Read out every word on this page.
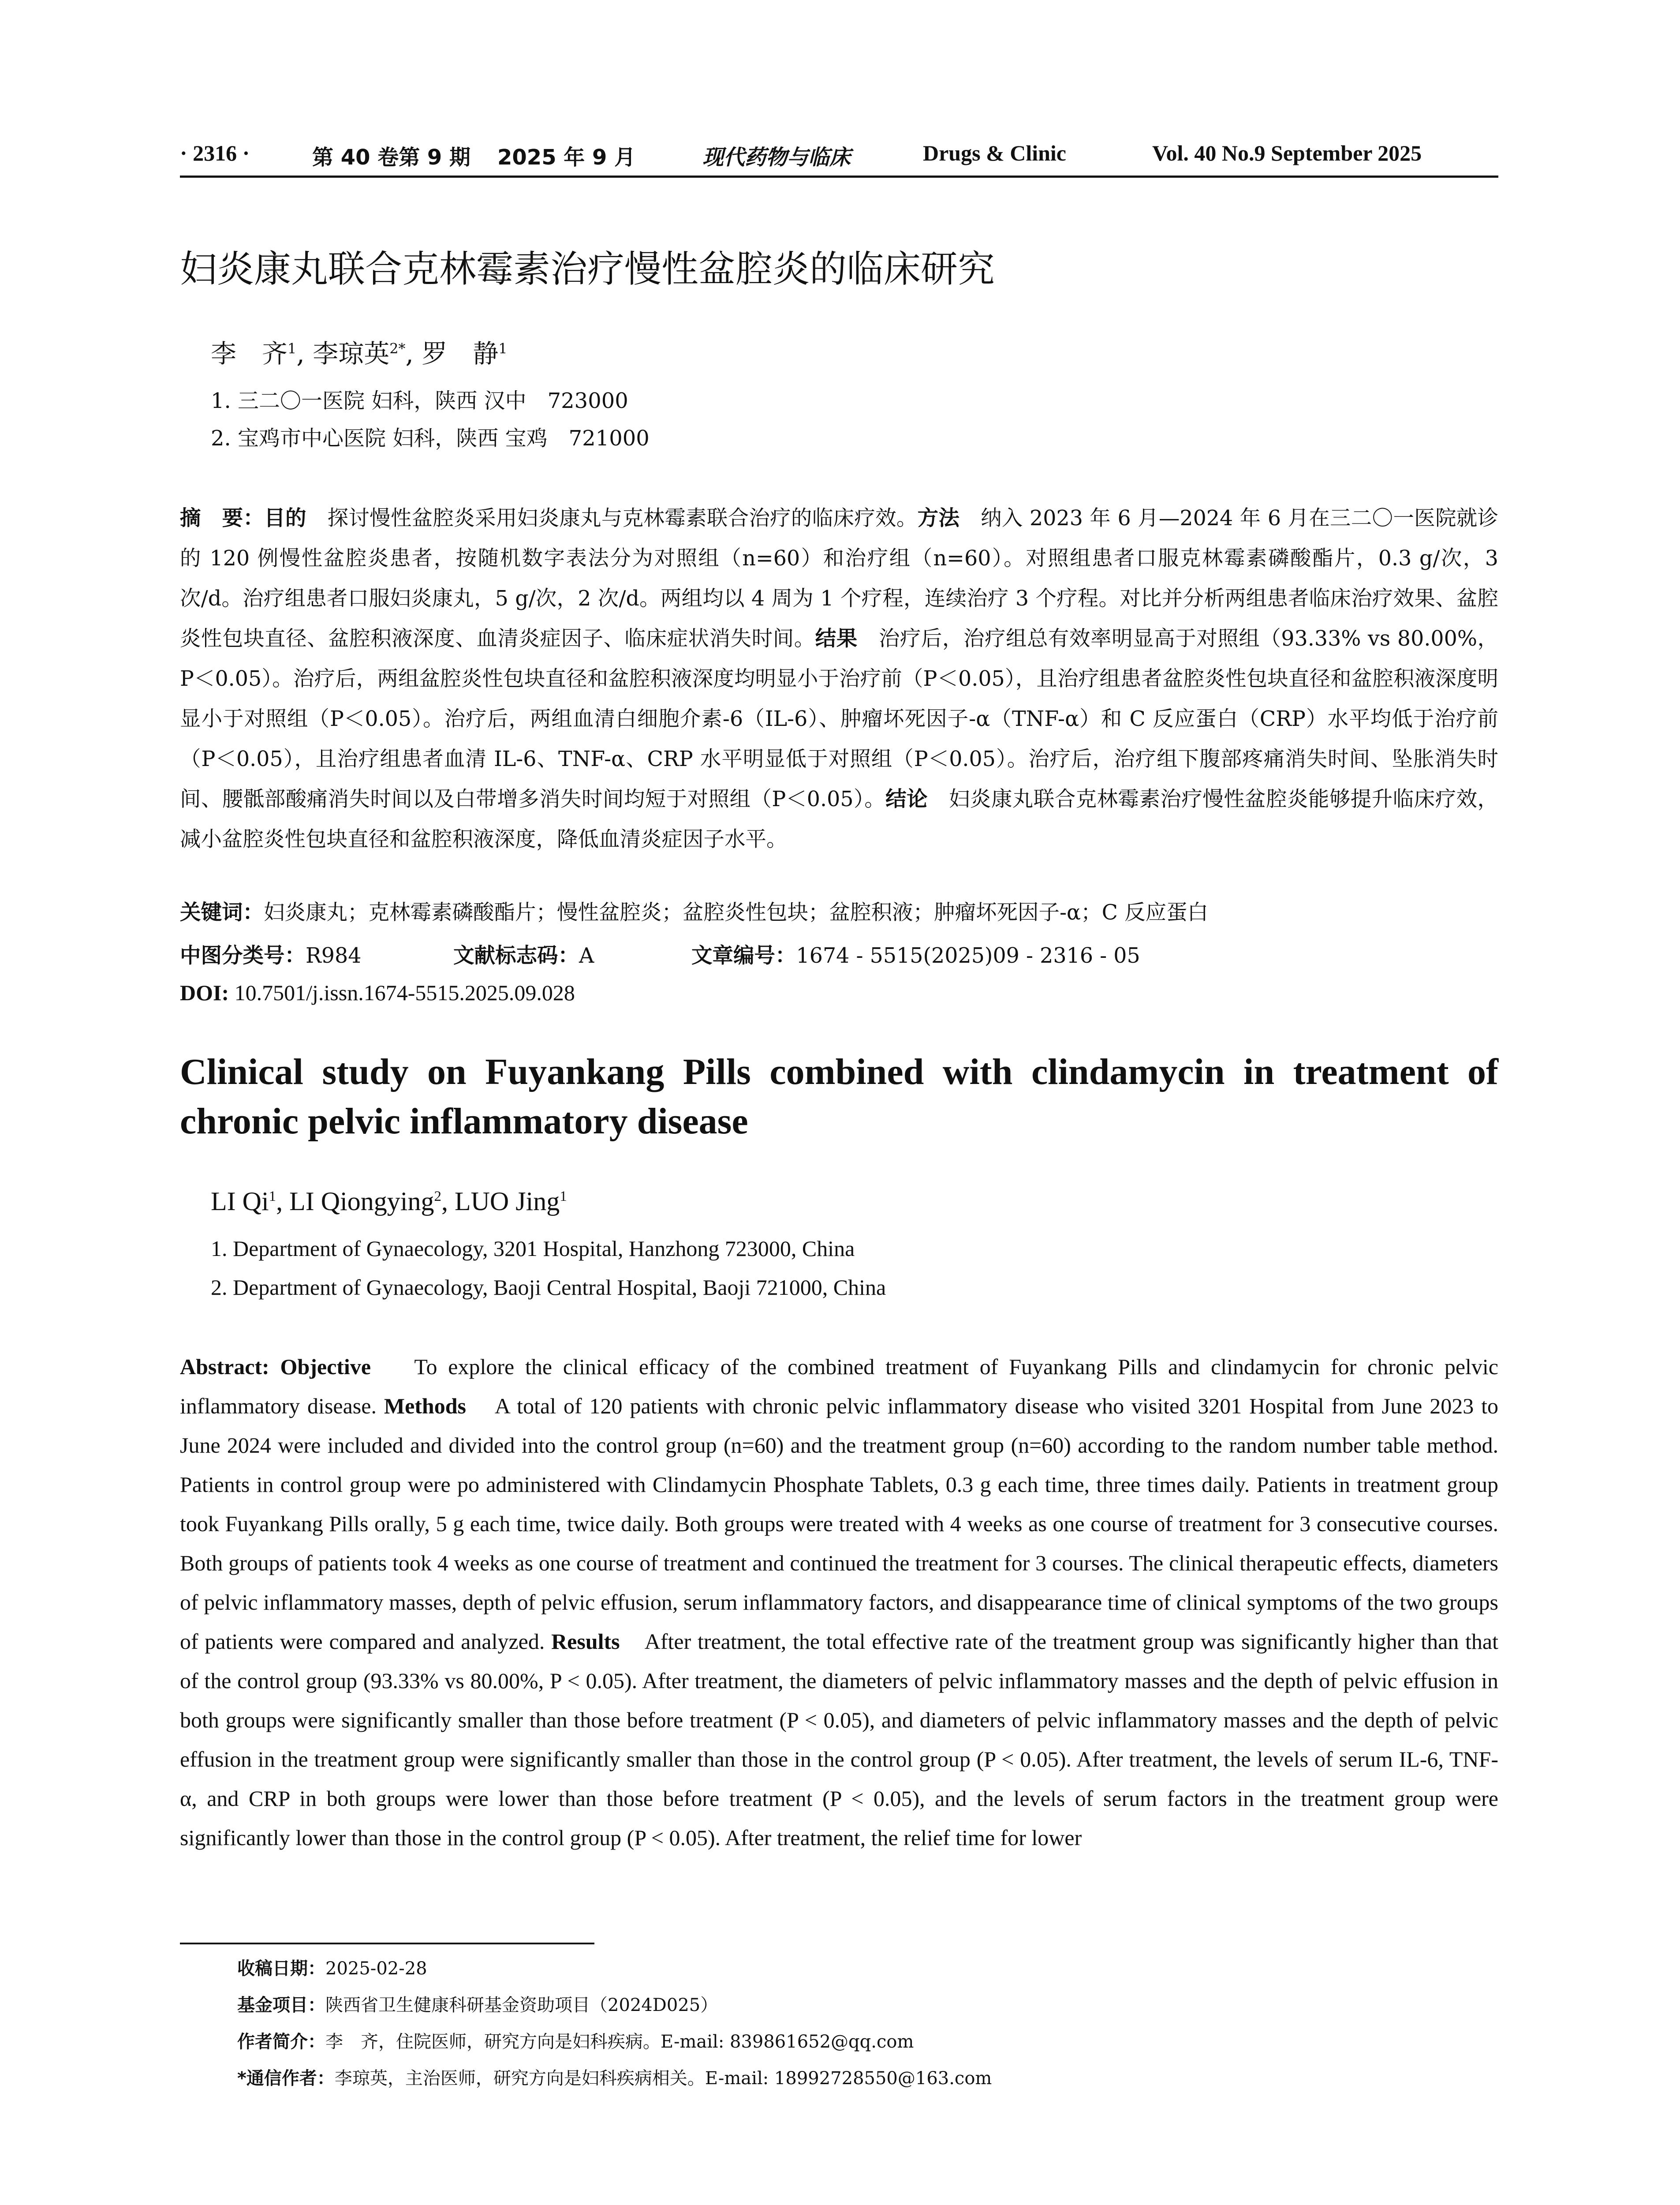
· 2316 ·	第 40 卷第 9 期 2025 年 9 月	现代药物与临床	Drugs & Clinic	Vol. 40 No.9 September 2025
妇炎康丸联合克林霉素治疗慢性盆腔炎的临床研究
李　齐$^1$, 李琼英$^{2*}$, 罗　静$^1$
1. 三二〇一医院 妇科，陕西 汉中　723000
2. 宝鸡市中心医院 妇科，陕西 宝鸡　721000
摘　要：目的　 探讨慢性盆腔炎采用妇炎康丸与克林霉素联合治疗的临床疗效。方法　 纳入 2023 年 6 月—2024 年 6 月在三二〇一医院就诊的 120 例慢性盆腔炎患者，按随机数字表法分为对照组（n=60）和治疗组（n=60）。对照组患者口服克林霉素磷酸酯片，0.3 g/次，3 次/d。治疗组患者口服妇炎康丸，5 g/次，2 次/d。两组均以 4 周为 1 个疗程，连续治疗 3 个疗程。对比并分析两组患者临床治疗效果、盆腔炎性包块直径、盆腔积液深度、血清炎症因子、临床症状消失时间。结果　 治疗后，治疗组总有效率明显高于对照组（93.33% vs 80.00%，P＜0.05）。治疗后，两组盆腔炎性包块直径和盆腔积液深度均明显小于治疗前（P＜0.05），且治疗组患者盆腔炎性包块直径和盆腔积液深度明显小于对照组（P＜0.05）。治疗后，两组血清白细胞介素-6（IL-6）、肿瘤坏死因子-α（TNF-α）和 C 反应蛋白（CRP）水平均低于治疗前（P＜0.05），且治疗组患者血清 IL-6、TNF-α、CRP 水平明显低于对照组（P＜0.05）。治疗后，治疗组下腹部疼痛消失时间、坠胀消失时间、腰骶部酸痛消失时间以及白带增多消失时间均短于对照组（P＜0.05）。结论　 妇炎康丸联合克林霉素治疗慢性盆腔炎能够提升临床疗效，减小盆腔炎性包块直径和盆腔积液深度，降低血清炎症因子水平。
关键词：妇炎康丸；克林霉素磷酸酯片；慢性盆腔炎；盆腔炎性包块；盆腔积液；肿瘤坏死因子-α；C 反应蛋白
中图分类号：R984	文献标志码：A	文章编号：1674 - 5515(2025)09 - 2316 - 05
DOI: 10.7501/j.issn.1674-5515.2025.09.028
Clinical study on Fuyankang Pills combined with clindamycin in treatment of chronic pelvic inflammatory disease
LI Qi$^1$, LI Qiongying$^2$, LUO Jing$^1$
1. Department of Gynaecology, 3201 Hospital, Hanzhong 723000, China
2. Department of Gynaecology, Baoji Central Hospital, Baoji 721000, China
Abstract: Objective To explore the clinical efficacy of the combined treatment of Fuyankang Pills and clindamycin for chronic pelvic inflammatory disease. Methods A total of 120 patients with chronic pelvic inflammatory disease who visited 3201 Hospital from June 2023 to June 2024 were included and divided into the control group (n=60) and the treatment group (n=60) according to the random number table method. Patients in control group were po administered with Clindamycin Phosphate Tablets, 0.3 g each time, three times daily. Patients in treatment group took Fuyankang Pills orally, 5 g each time, twice daily. Both groups were treated with 4 weeks as one course of treatment for 3 consecutive courses. Both groups of patients took 4 weeks as one course of treatment and continued the treatment for 3 courses. The clinical therapeutic effects, diameters of pelvic inflammatory masses, depth of pelvic effusion, serum inflammatory factors, and disappearance time of clinical symptoms of the two groups of patients were compared and analyzed. Results After treatment, the total effective rate of the treatment group was significantly higher than that of the control group (93.33% vs 80.00%, P < 0.05). After treatment, the diameters of pelvic inflammatory masses and the depth of pelvic effusion in both groups were significantly smaller than those before treatment (P < 0.05), and diameters of pelvic inflammatory masses and the depth of pelvic effusion in the treatment group were significantly smaller than those in the control group (P < 0.05). After treatment, the levels of serum IL-6, TNF-α, and CRP in both groups were lower than those before treatment (P < 0.05), and the levels of serum factors in the treatment group were significantly lower than those in the control group (P < 0.05). After treatment, the relief time for lower
收稿日期：2025-02-28
基金项目：陕西省卫生健康科研基金资助项目（2024D025）
作者简介：李　齐，住院医师，研究方向是妇科疾病。E-mail: 839861652@qq.com
*通信作者：李琼英，主治医师，研究方向是妇科疾病相关。E-mail: 18992728550@163.com
